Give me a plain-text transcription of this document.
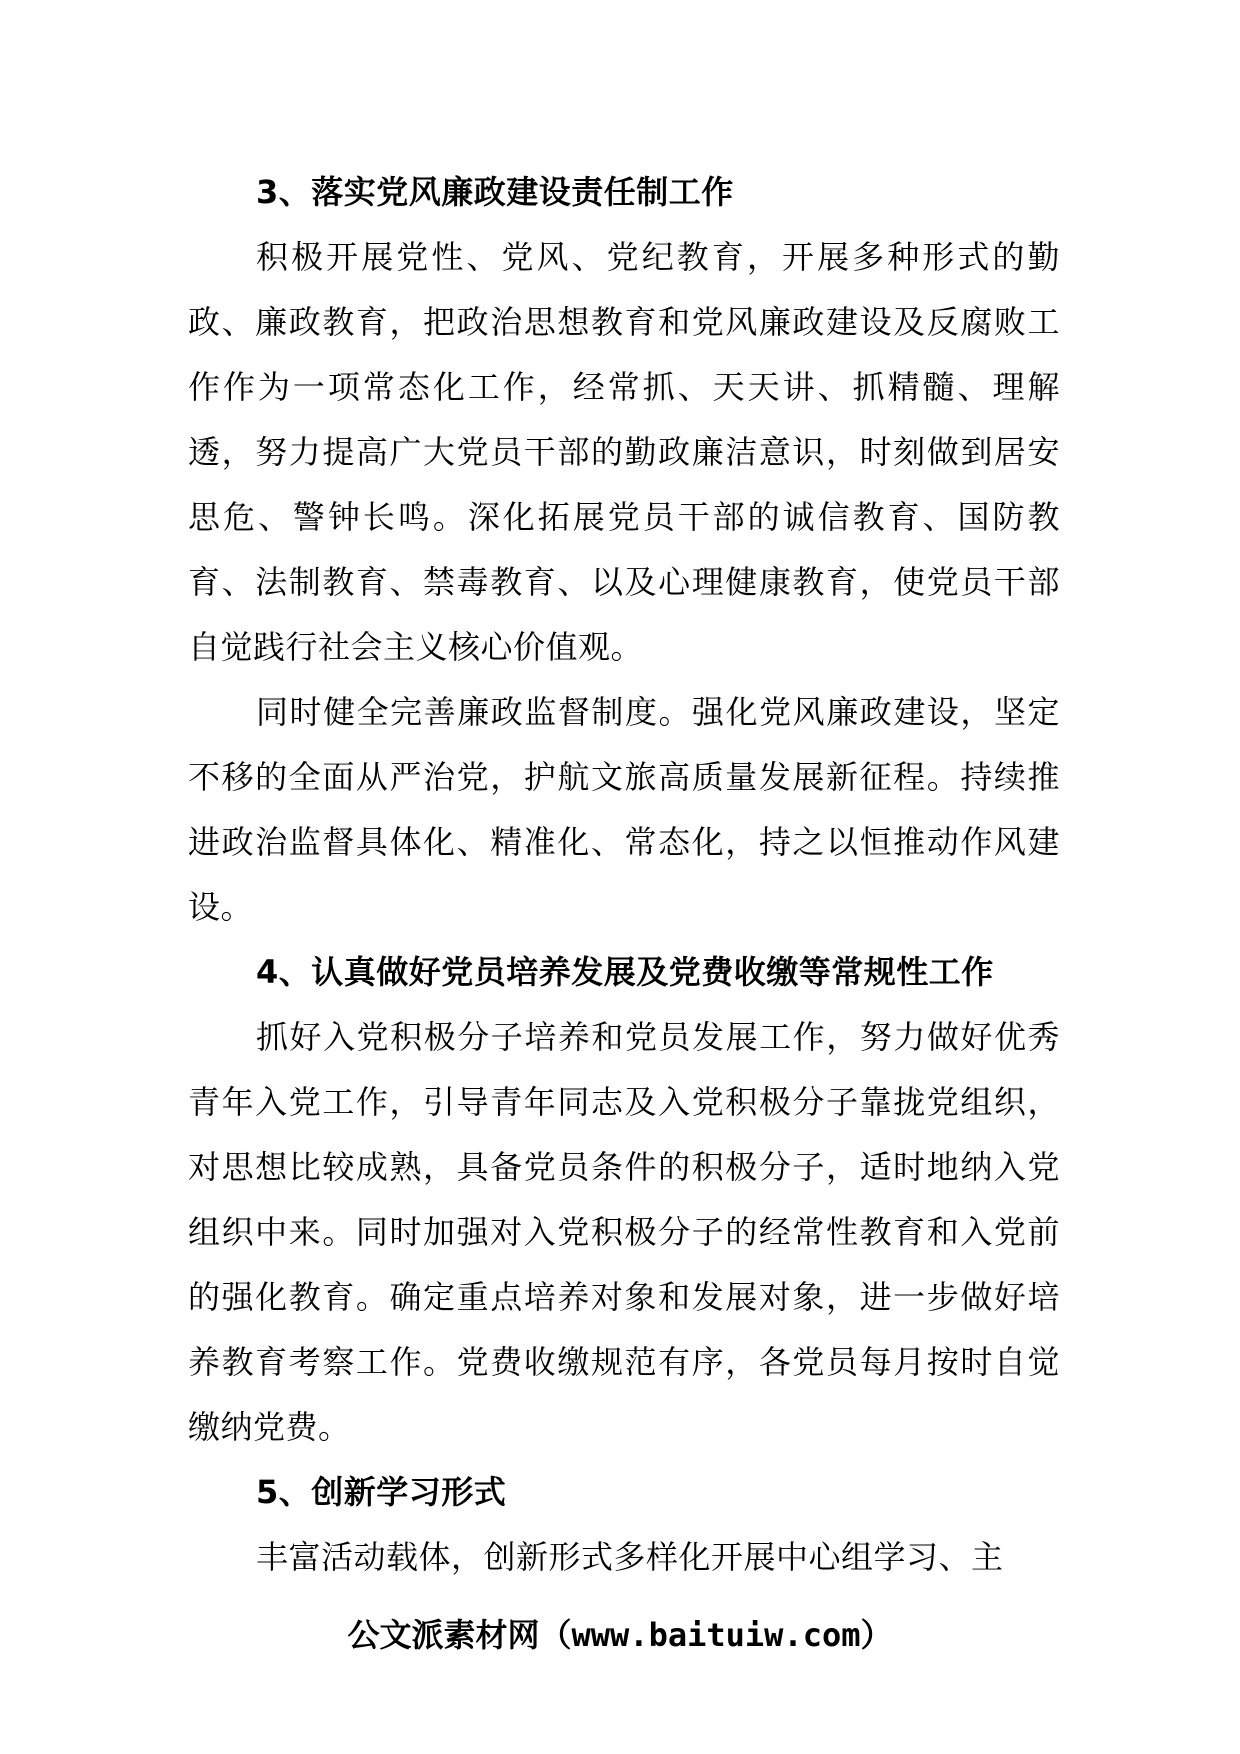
3、落实党风廉政建设责任制工作

积极开展党性、党风、党纪教育，开展多种形式的勤政、廉政教育，把政治思想教育和党风廉政建设及反腐败工作作为一项常态化工作，经常抓、天天讲、抓精髓、理解透，努力提高广大党员干部的勤政廉洁意识，时刻做到居安思危、警钟长鸣。深化拓展党员干部的诚信教育、国防教育、法制教育、禁毒教育、以及心理健康教育，使党员干部自觉践行社会主义核心价值观。

同时健全完善廉政监督制度。强化党风廉政建设，坚定不移的全面从严治党，护航文旅高质量发展新征程。持续推进政治监督具体化、精准化、常态化，持之以恒推动作风建设。

4、认真做好党员培养发展及党费收缴等常规性工作

抓好入党积极分子培养和党员发展工作，努力做好优秀青年入党工作，引导青年同志及入党积极分子靠拢党组织，对思想比较成熟，具备党员条件的积极分子，适时地纳入党组织中来。同时加强对入党积极分子的经常性教育和入党前的强化教育。确定重点培养对象和发展对象，进一步做好培养教育考察工作。党费收缴规范有序，各党员每月按时自觉缴纳党费。

5、创新学习形式

丰富活动载体，创新形式多样化开展中心组学习、主

公文派素材网（www.baituiw.com）
